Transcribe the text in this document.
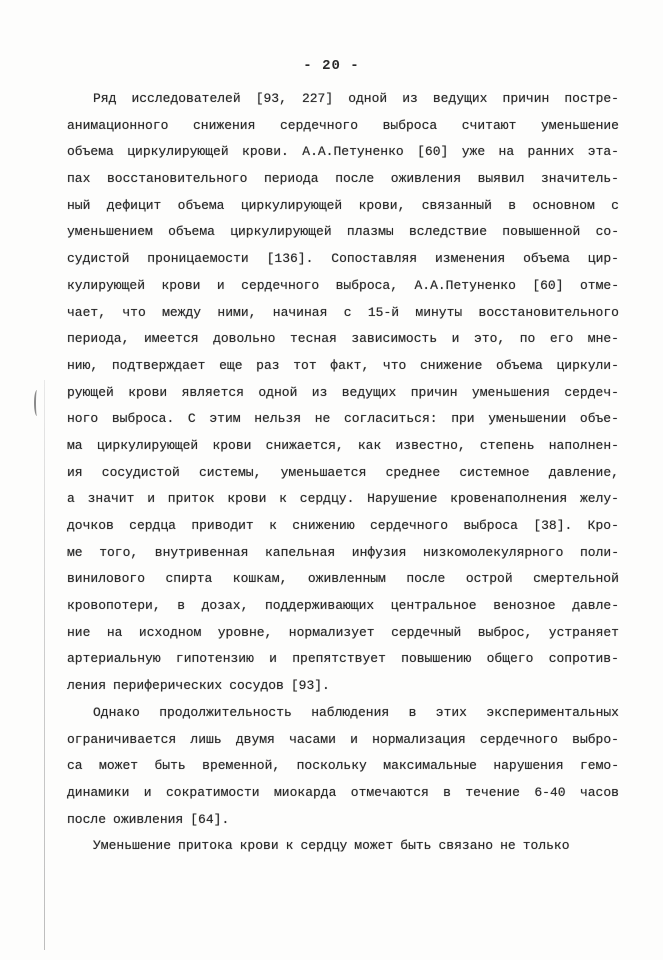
- 20 -
Ряд исследователей [93, 227] одной из ведущих причин постре-
анимационного снижения сердечного выброса считают уменьшение
объема циркулирующей крови. А.А.Петуненко [60] уже на ранних эта-
пах восстановительного периода после оживления выявил значитель-
ный дефицит объема циркулирующей крови, связанный в основном с
уменьшением объема циркулирующей плазмы вследствие повышенной со-
судистой проницаемости [136]. Сопоставляя изменения объема цир-
кулирующей крови и сердечного выброса, А.А.Петуненко [60] отме-
чает, что между ними, начиная с 15-й минуты восстановительного
периода, имеется довольно тесная зависимость и это, по его мне-
нию, подтверждает еще раз тот факт, что снижение объема циркули-
рующей крови является одной из ведущих причин уменьшения сердеч-
ного выброса. С этим нельзя не согласиться: при уменьшении объе-
ма циркулирующей крови снижается, как известно, степень наполнен-
ия сосудистой системы, уменьшается среднее системное давление,
а значит и приток крови к сердцу. Нарушение кровенаполнения желу-
дочков сердца приводит к снижению сердечного выброса [38]. Кро-
ме того, внутривенная капельная инфузия низкомолекулярного поли-
винилового спирта кошкам, оживленным после острой смертельной
кровопотери, в дозах, поддерживающих центральное венозное давле-
ние на исходном уровне, нормализует сердечный выброс, устраняет
артериальную гипотензию и препятствует повышению общего сопротив-
ления периферических сосудов [93].
Однако продолжительность наблюдения в этих экспериментальных
ограничивается лишь двумя часами и нормализация сердечного выбро-
са может быть временной, поскольку максимальные нарушения гемо-
динамики и сократимости миокарда отмечаются в течение 6-40 часов
после оживления [64].
Уменьшение притока крови к сердцу может быть связано не только
